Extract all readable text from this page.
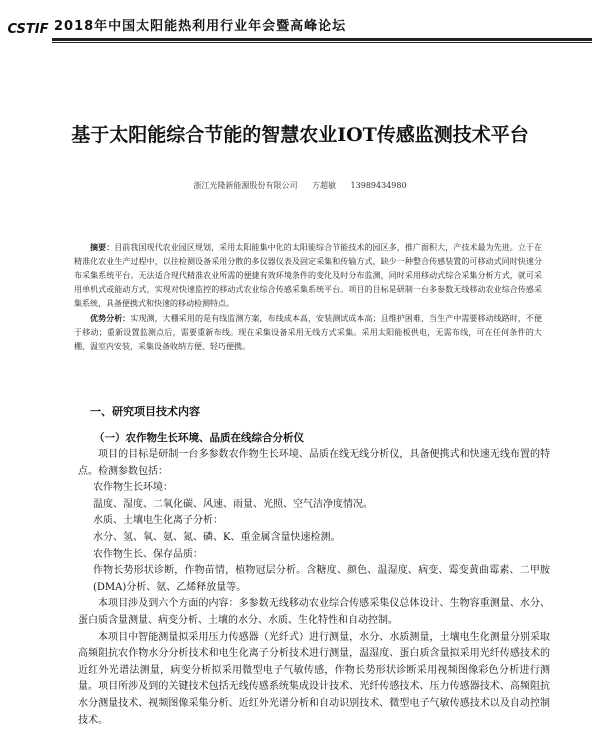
CSTIF 2018年中国太阳能热利用行业年会暨高峰论坛
基于太阳能综合节能的智慧农业IOT传感监测技术平台
浙江光隆新能源股份有限公司 方超敏 13989434980

摘要：目前我国现代农业园区规划，采用太阳能集中化的太阳能综合节能技术的园区多，推广面积大，产技术最为先进。立于在精准化农业生产过程中，以往检测设备采用分散的多仪器仪表及固定采集和传输方式，缺少一种整合传感装置的可移动式同时快速分布采集系统平台。无法适合现代精准农业所需的便捷有效环境条件的变化及时分布监测，同时采用移动式综合采集分析方式，就可采用单机式或能动方式，实现对快速监控的移动式农业综合传感采集系统平台。项目的目标是研制一台多参数无线移动农业综合传感采集系统，具备便携式和快速的移动检测特点。

优势分析：实现测，大棚采用的是有线监测方案，布线成本高，安装测试成本高；且维护困难，当生产中需要移动线路时，不便于移动；重新设置监测点后，需要重新布线。现在采集设备采用无线方式采集。采用太阳能板供电，无需布线，可在任何条件的大棚、温室内安装，采集设备收纳方便、轻巧便携。

一、研究项目技术内容
（一）农作物生长环境、品质在线综合分析仪

项目的目标是研制一台多参数农作物生长环境、品质在线无线分析仪，具备便携式和快速无线布置的特点。检测参数包括：

农作物生长环境：

温度、湿度、二氧化碳、风速、雨量、光照、空气洁净度情况。

水质、土壤电生化离子分析：

水分、氢、氧、氨、氮、磷、K、重金属含量快速检测。

农作物生长、保存品质：

作物长势形状诊断，作物苗情，植物冠层分析。含糖度、颜色、温湿度、病变、霉变黄曲霉素、二甲胺(DMA)分析、氨、乙烯释放量等。

本项目涉及到六个方面的内容：多参数无线移动农业综合传感采集仪总体设计、生物容重测量、水分、蛋白质含量测量、病变分析、土壤的水分、水质、生化特性和自动控制。

本项目中智能测量拟采用压力传感器（光纤式）进行测量，水分、水质测量，土壤电生化测量分别采取高频阻抗农作物水分分析技术和电生化离子分析技术进行测量，温湿度、蛋白质含量拟采用光纤传感技术的近红外光谱法测量，病变分析拟采用微型电子气敏传感，作物长势形状诊断采用视频图像彩色分析进行测量。项目所涉及到的关键技术包括无线传感系统集成设计技术、光纤传感技术、压力传感器技术、高频阻抗水分测量技术、视频图像采集分析、近红外光谱分析和自动识别技术、微型电子气敏传感技术以及自动控制技术。
